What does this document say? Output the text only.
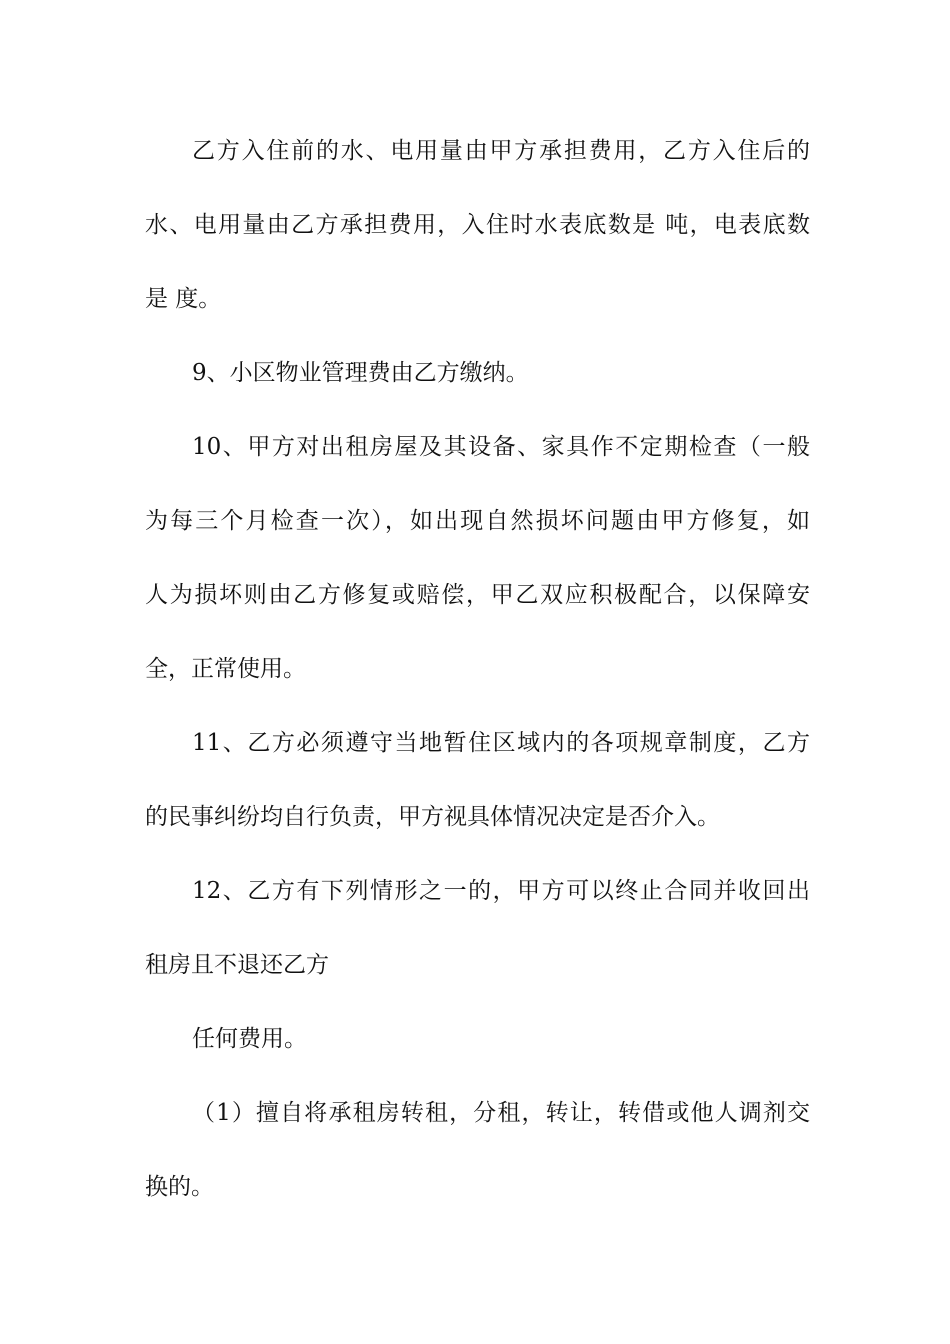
乙方入住前的水、电用量由甲方承担费用，乙方入住后的
水、电用量由乙方承担费用，入住时水表底数是 吨，电表底数
是 度。
9、小区物业管理费由乙方缴纳。
10、甲方对出租房屋及其设备、家具作不定期检查（一般
为每三个月检查一次），如出现自然损坏问题由甲方修复，如
人为损坏则由乙方修复或赔偿，甲乙双应积极配合，以保障安
全，正常使用。
11、乙方必须遵守当地暂住区域内的各项规章制度，乙方
的民事纠纷均自行负责，甲方视具体情况决定是否介入。
12、乙方有下列情形之一的，甲方可以终止合同并收回出
租房且不退还乙方
任何费用。
（1）擅自将承租房转租，分租，转让，转借或他人调剂交
换的。
